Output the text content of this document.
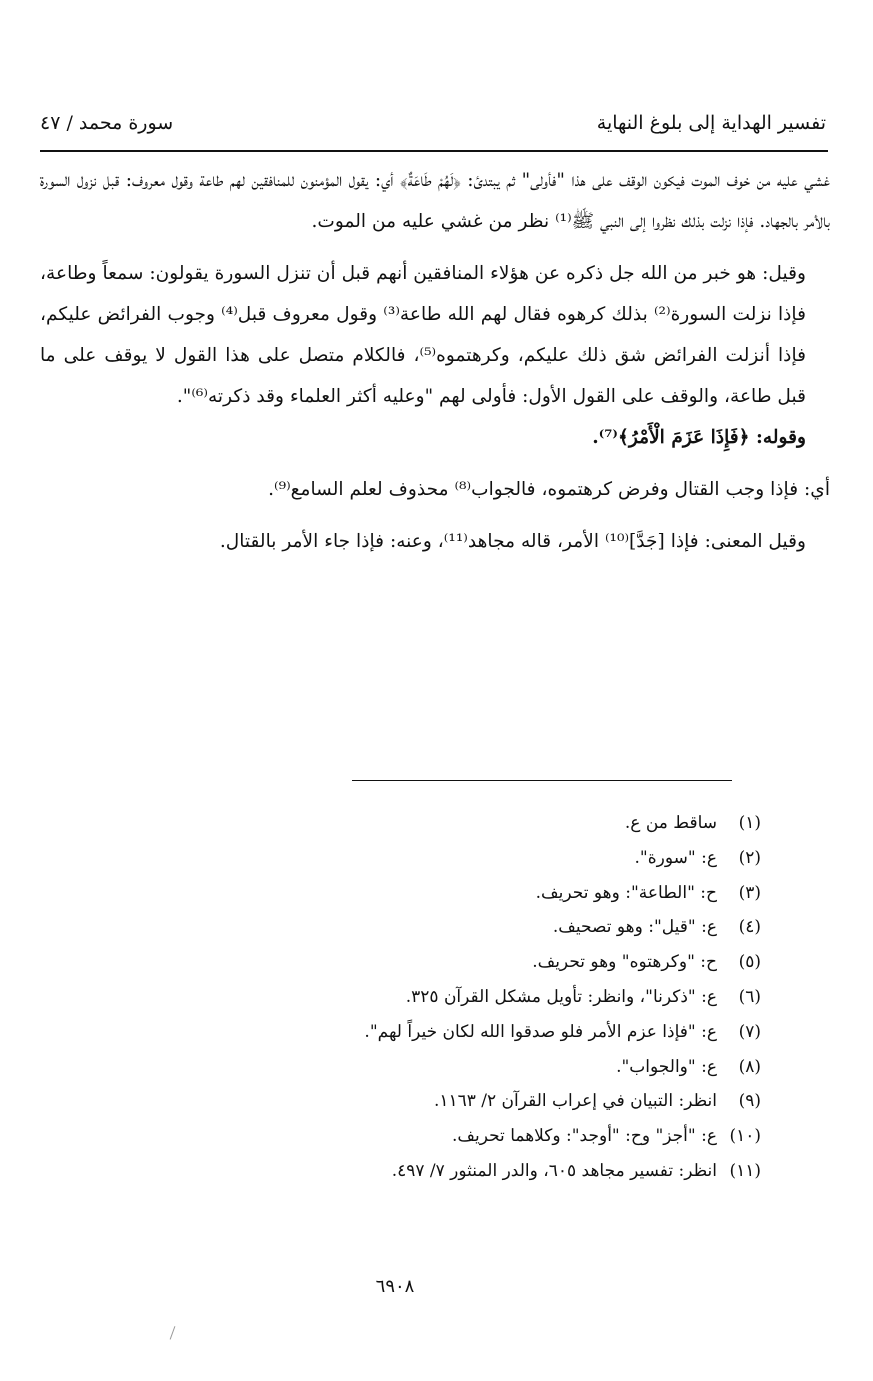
تفسير الهداية إلى بلوغ النهاية
سورة محمد / ٤٧

غشي عليه من خوف الموت فيكون الوقف على هذا "فأولى" ثم يبتدئ: ﴿لَهُمْ طَاعَةٌ﴾ أي: يقول المؤمنون للمنافقين لهم طاعة وقول معروف: قبل نزول السورة بالأمر بالجهاد. فإذا نزلت بذلك نظروا إلى النبي ﷺ⁽¹⁾ نظر من غشي عليه من الموت.

وقيل: هو خبر من الله جل ذكره عن هؤلاء المنافقين أنهم قبل أن تنزل السورة يقولون: سمعاً وطاعة، فإذا نزلت السورة⁽²⁾ بذلك كرهوه فقال لهم الله طاعة⁽³⁾ وقول معروف قبل⁽⁴⁾ وجوب الفرائض عليكم، فإذا أنزلت الفرائض شق ذلك عليكم، وكرهتموه⁽⁵⁾، فالكلام متصل على هذا القول لا يوقف على ما قبل طاعة، والوقف على القول الأول: فأولى لهم "وعليه أكثر العلماء وقد ذكرته⁽⁶⁾".

وقوله: ﴿فَإِذَا عَزَمَ الْأَمْرُ﴾⁽⁷⁾.

أي: فإذا وجب القتال وفرض كرهتموه، فالجواب⁽⁸⁾ محذوف لعلم السامع⁽⁹⁾.

وقيل المعنى: فإذا [جَدَّ]⁽¹⁰⁾ الأمر، قاله مجاهد⁽¹¹⁾، وعنه: فإذا جاء الأمر بالقتال.

(١)ساقط من ع.
(٢)ع: "سورة".
(٣)ح: "الطاعة": وهو تحريف.
(٤)ع: "قيل": وهو تصحيف.
(٥)ح: "وكرهتوه" وهو تحريف.
(٦)ع: "ذكرنا"، وانظر: تأويل مشكل القرآن ٣٢٥.
(٧)ع: "فإذا عزم الأمر فلو صدقوا الله لكان خيراً لهم".
(٨)ع: "والجواب".
(٩)انظر: التبيان في إعراب القرآن ٢/ ١١٦٣.
(١٠)ع: "أجز" وح: "أوجد": وكلاهما تحريف.
(١١)انظر: تفسير مجاهد ٦٠٥، والدر المنثور ٧/ ٤٩٧.
٦٩٠٨
